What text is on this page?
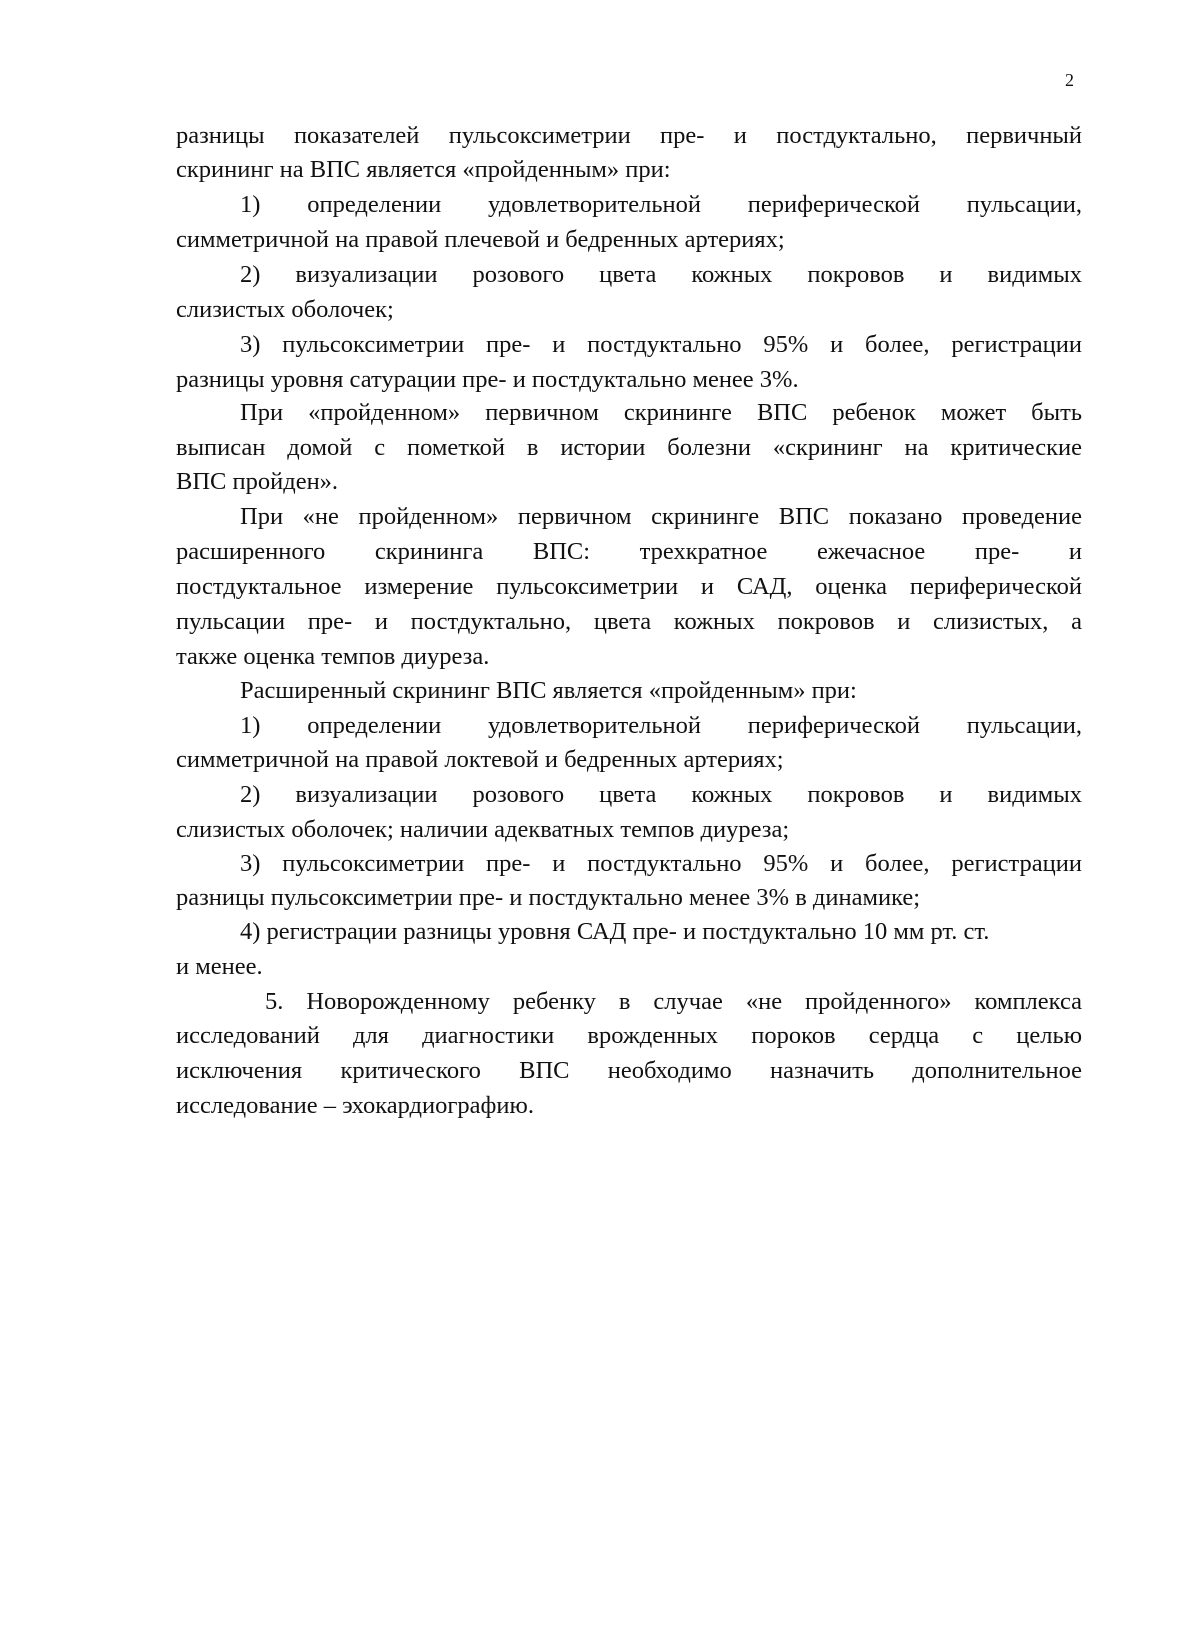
2
разницы показателей пульсоксиметрии пре- и постдуктально, первичный
скрининг на ВПС является «пройденным» при:
1) определении удовлетворительной периферической пульсации,
симметричной на правой плечевой и бедренных артериях;
2) визуализации розового цвета кожных покровов и видимых
слизистых оболочек;
3) пульсоксиметрии пре- и постдуктально 95% и более, регистрации
разницы уровня сатурации пре- и постдуктально менее 3%.
При «пройденном» первичном скрининге ВПС ребенок может быть
выписан домой с пометкой в истории болезни «скрининг на критические
ВПС пройден».
При «не пройденном» первичном скрининге ВПС показано проведение
расширенного скрининга ВПС: трехкратное ежечасное пре- и
постдуктальное измерение пульсоксиметрии и САД, оценка периферической
пульсации пре- и постдуктально, цвета кожных покровов и слизистых, а
также оценка темпов диуреза.
Расширенный скрининг ВПС является «пройденным» при:
1) определении удовлетворительной периферической пульсации,
симметричной на правой локтевой и бедренных артериях;
2) визуализации розового цвета кожных покровов и видимых
слизистых оболочек; наличии адекватных темпов диуреза;
3) пульсоксиметрии пре- и постдуктально 95% и более, регистрации
разницы пульсоксиметрии пре- и постдуктально менее 3% в динамике;
4) регистрации разницы уровня САД пре- и постдуктально 10 мм рт. ст.
и менее.
5. Новорожденному ребенку в случае «не пройденного» комплекса
исследований для диагностики врожденных пороков сердца с целью
исключения критического ВПС необходимо назначить дополнительное
исследование – эхокардиографию.
